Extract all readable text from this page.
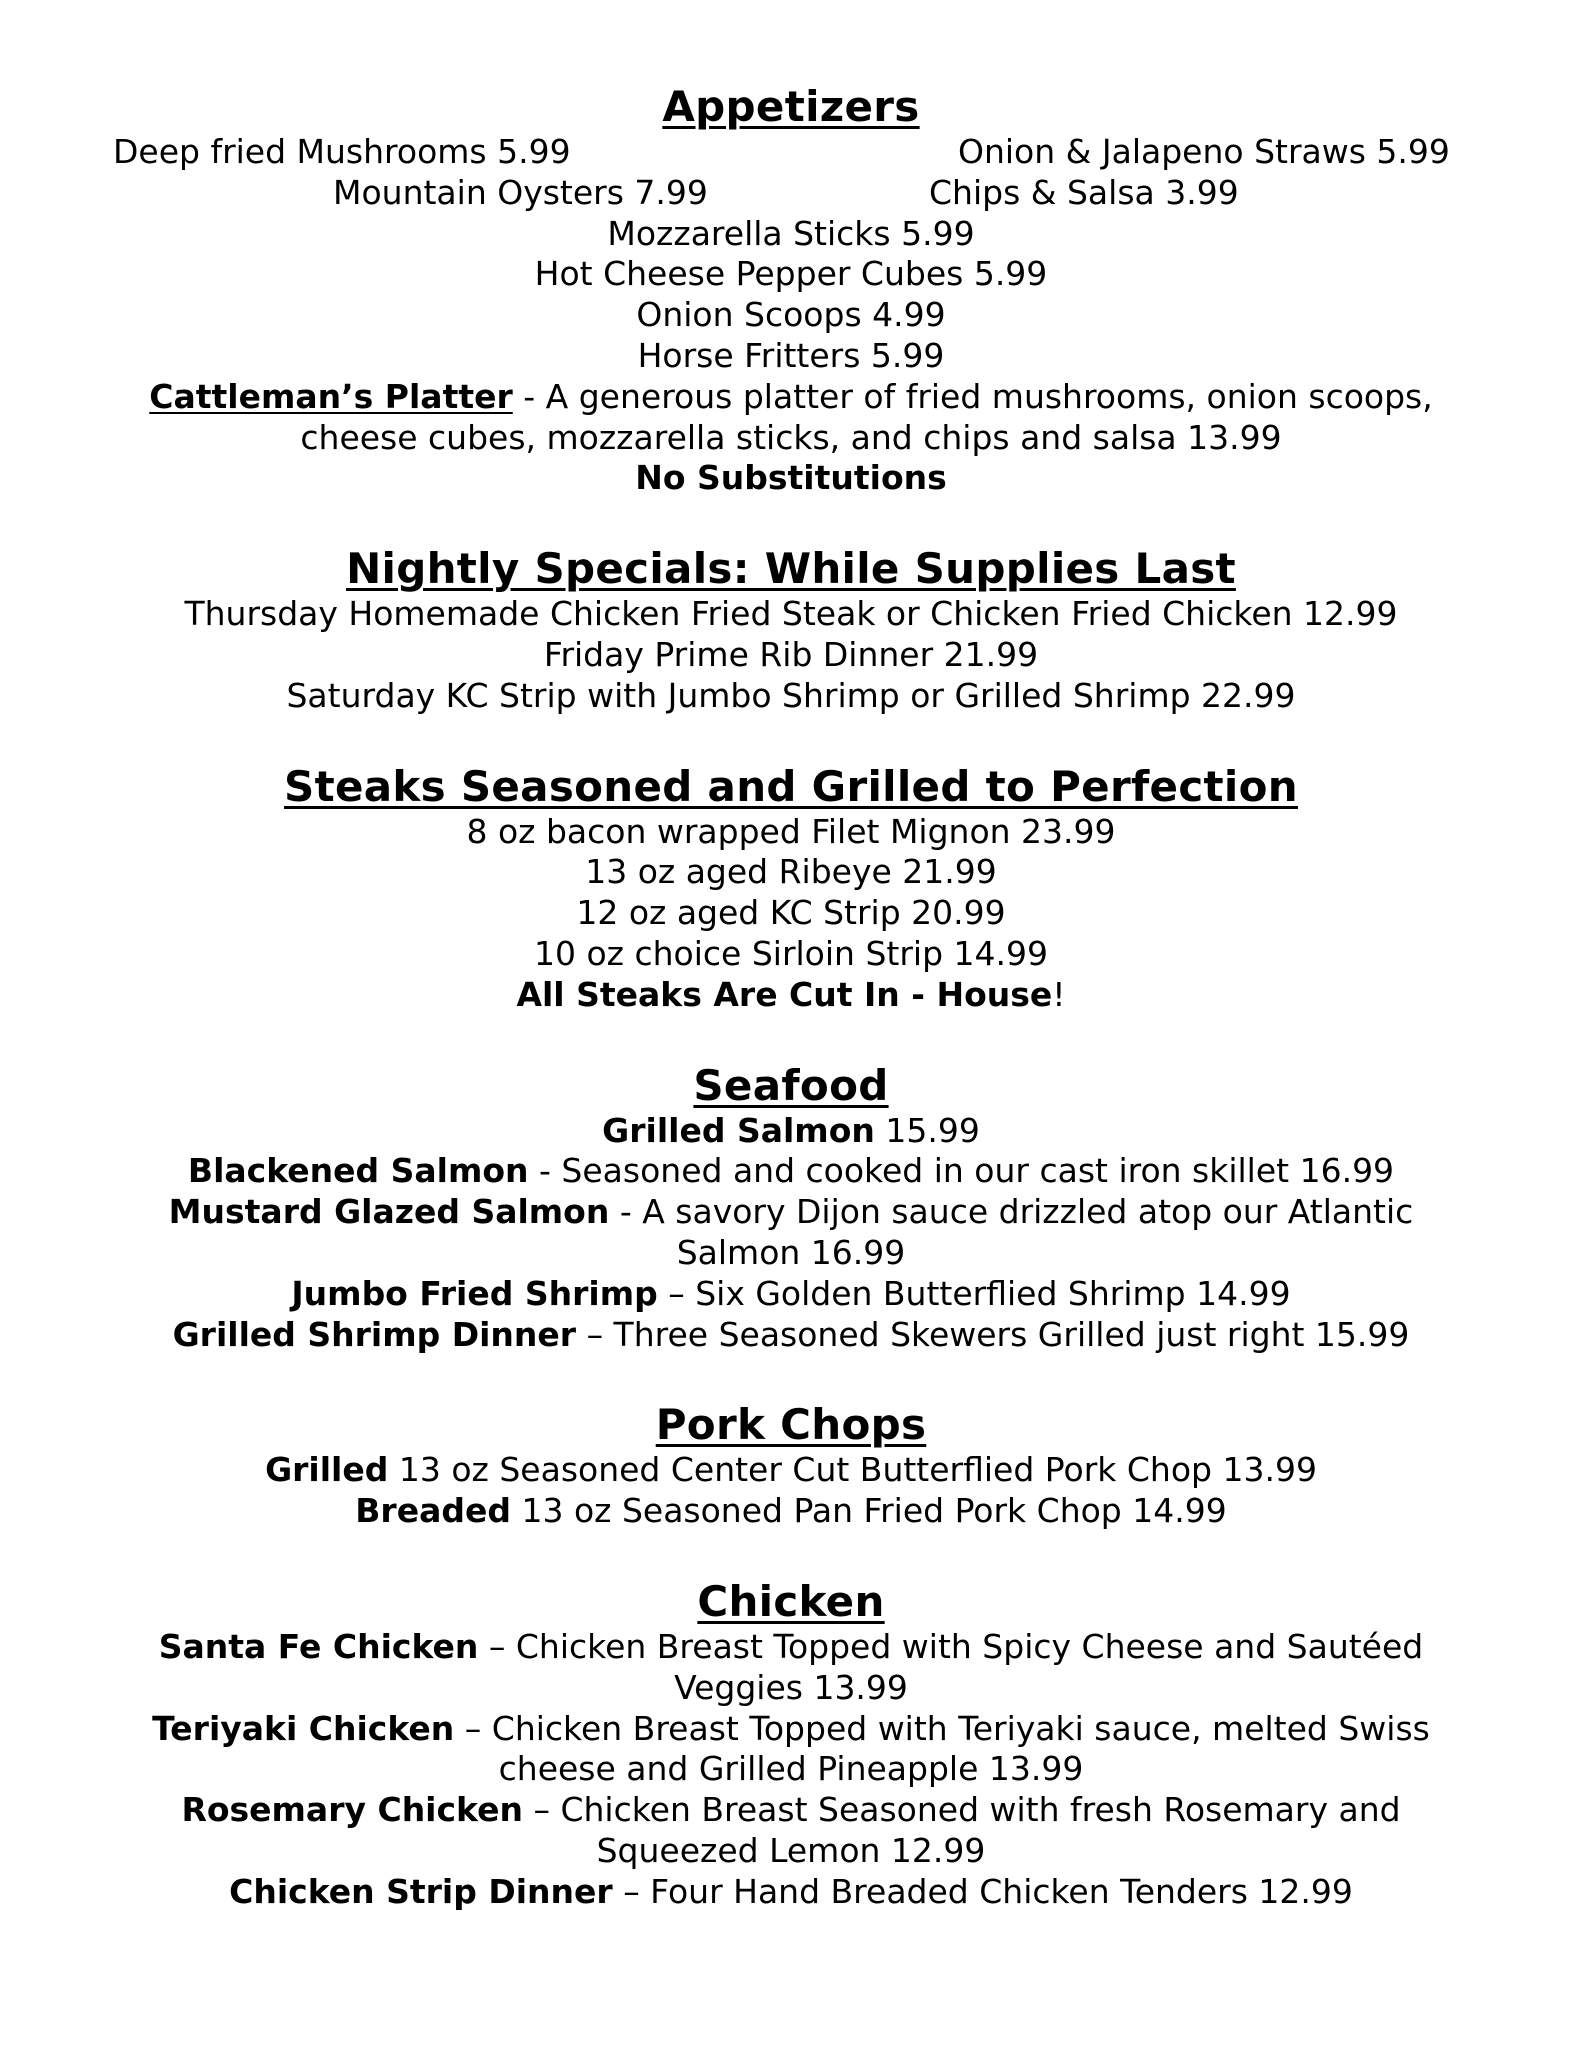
Appetizers
Deep fried Mushrooms 5.99	Onion & Jalapeno Straws 5.99
Mountain Oysters 7.99	Chips & Salsa 3.99

Mozzarella Sticks 5.99

Hot Cheese Pepper Cubes 5.99

Onion Scoops 4.99

Horse Fritters 5.99

Cattleman’s Platter - A generous platter of fried mushrooms, onion scoops, cheese cubes, mozzarella sticks, and chips and salsa 13.99

No Substitutions

Nightly Specials: While Supplies Last

Thursday Homemade Chicken Fried Steak or Chicken Fried Chicken 12.99

Friday Prime Rib Dinner 21.99

Saturday KC Strip with Jumbo Shrimp or Grilled Shrimp 22.99

Steaks Seasoned and Grilled to Perfection

8 oz bacon wrapped Filet Mignon 23.99

13 oz aged Ribeye 21.99

12 oz aged KC Strip 20.99

10 oz choice Sirloin Strip 14.99

All Steaks Are Cut In - House!

Seafood

Grilled Salmon 15.99

Blackened Salmon - Seasoned and cooked in our cast iron skillet 16.99

Mustard Glazed Salmon - A savory Dijon sauce drizzled atop our Atlantic Salmon 16.99

Jumbo Fried Shrimp – Six Golden Butterflied Shrimp 14.99

Grilled Shrimp Dinner – Three Seasoned Skewers Grilled just right 15.99

Pork Chops

Grilled 13 oz Seasoned Center Cut Butterflied Pork Chop 13.99

Breaded 13 oz Seasoned Pan Fried Pork Chop 14.99

Chicken

Santa Fe Chicken – Chicken Breast Topped with Spicy Cheese and Sautéed Veggies 13.99

Teriyaki Chicken – Chicken Breast Topped with Teriyaki sauce, melted Swiss cheese and Grilled Pineapple 13.99

Rosemary Chicken – Chicken Breast Seasoned with fresh Rosemary and Squeezed Lemon 12.99

Chicken Strip Dinner – Four Hand Breaded Chicken Tenders 12.99
